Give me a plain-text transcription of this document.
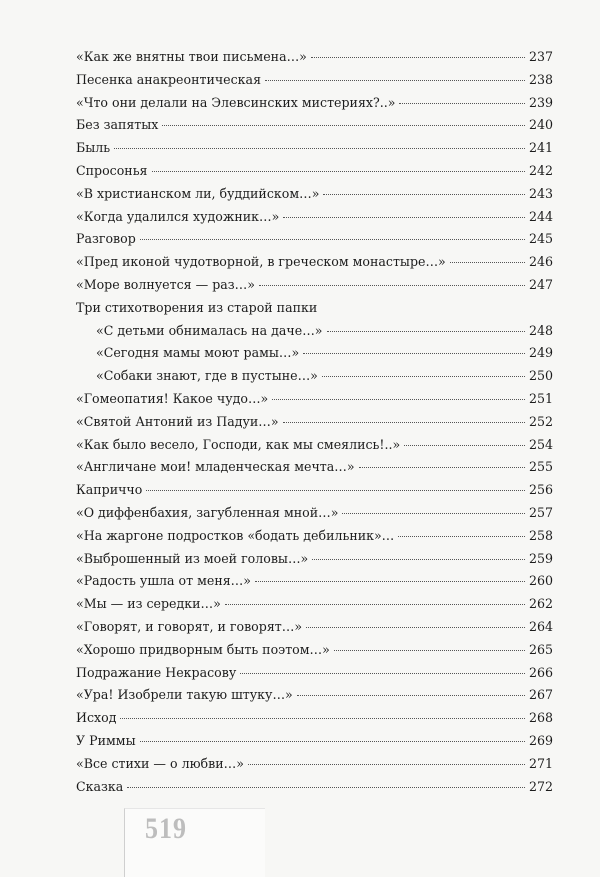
«Как же внятны твои письмена…»	237
Песенка анакреонтическая	238
«Что они делали на Элевсинских мистериях?..»	239
Без запятых	240
Быль	241
Спросонья	242
«В христианском ли, буддийском…»	243
«Когда удалился художник…»	244
Разговор	245
«Пред иконой чудотворной, в греческом монастыре…»	246
«Море волнуется — раз…»	247
Три стихотворения из старой папки
«С детьми обнималась на даче…»	248
«Сегодня мамы моют рамы…»	249
«Собаки знают, где в пустыне…»	250
«Гомеопатия! Какое чудо…»	251
«Святой Антоний из Падуи…»	252
«Как было весело, Господи, как мы смеялись!..»	254
«Англичане мои! младенческая мечта…»	255
Каприччо	256
«О диффенбахия, загубленная мной…»	257
«На жаргоне подростков «бодать дебильник»…	258
«Выброшенный из моей головы…»	259
«Радость ушла от меня…»	260
«Мы — из середки…»	262
«Говорят, и говорят, и говорят…»	264
«Хорошо придворным быть поэтом…»	265
Подражание Некрасову	266
«Ура! Изобрели такую штуку…»	267
Исход	268
У Риммы	269
«Все стихи — о любви…»	271
Сказка	272
519
